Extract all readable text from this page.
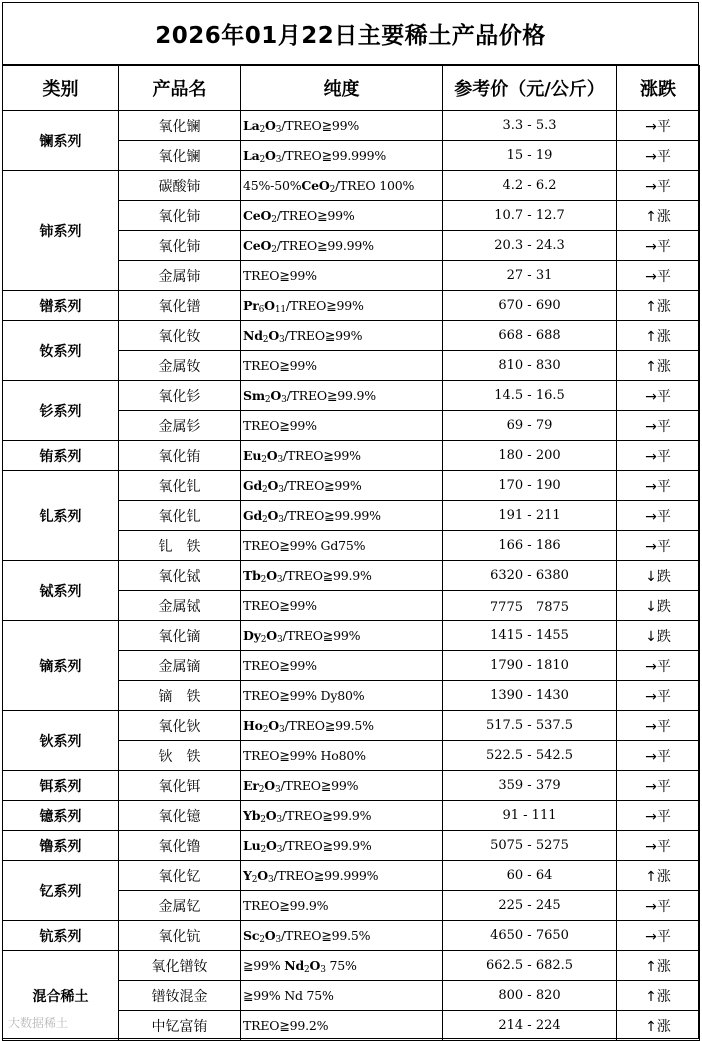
2026年01月22日主要稀土产品价格
类别	产品名	纯度	参考价（元/公斤）	涨跌
镧系列	氧化镧	$La_2O_3/TREO≧99\%$	3.3 - 5.3	→平
	氧化镧	$La_2O_3/TREO≧99.999\%$	15 - 19	→平
铈系列	碳酸铈	45%-50%CeO$_2$/TREO 100%	4.2 - 6.2	→平
	氧化铈	CeO$_2$/TREO≧99%	10.7 - 12.7	↑涨
	氧化铈	CeO$_2$/TREO≧99.99%	20.3 - 24.3	→平
	金属铈	TREO≧99%	27 - 31	→平
镨系列	氧化镨	$Pr_6O_{11}/TREO≧99\%$	670 - 690	↑涨
钕系列	氧化钕	$Nd_2O_3/TREO≧99\%$	668 - 688	↑涨
	金属钕	TREO≧99%	810 - 830	↑涨
钐系列	氧化钐	$Sm_2O_3/TREO≧99.9\%$	14.5 - 16.5	→平
	金属钐	TREO≧99%	69 - 79	→平
铕系列	氧化铕	$Eu_2O_3/TREO≧99\%$	180 - 200	→平
钆系列	氧化钆	$Gd_2O_3/TREO≧99\%$	170 - 190	→平
	氧化钆	$Gd_2O_3/TREO≧99.99\%$	191 - 211	→平
	钆　铁	TREO≧99% Gd75%	166 - 186	→平
铽系列	氧化铽	$Tb_2O_3/TREO≧99.9\%$	6320 - 6380	↓跌
	金属铽	TREO≧99%	7775　7875	↓跌
镝系列	氧化镝	$Dy_2O_3/TREO≧99\%$	1415 - 1455	↓跌
	金属镝	TREO≧99%	1790 - 1810	→平
	镝　铁	TREO≧99% Dy80%	1390 - 1430	→平
钬系列	氧化钬	$Ho_2O_3/TREO≧99.5\%$	517.5 - 537.5	→平
	钬　铁	TREO≧99% Ho80%	522.5 - 542.5	→平
铒系列	氧化铒	$Er_2O_3/TREO≧99\%$	359 - 379	→平
镱系列	氧化镱	$Yb_2O_3/TREO≧99.9\%$	91 - 111	→平
镥系列	氧化镥	$Lu_2O_3/TREO≧99.9\%$	5075 - 5275	→平
钇系列	氧化钇	$Y_2O_3/TREO≧99.999\%$	60 - 64	↑涨
	金属钇	TREO≧99.9%	225 - 245	→平
钪系列	氧化钪	$Sc_2O_3/TREO≧99.5\%$	4650 - 7650	→平
混合稀土	氧化镨钕	≧99% $Nd_2O_3$ 75%	662.5 - 682.5	↑涨
	镨钕混金	≧99% Nd 75%	800 - 820	↑涨
	中钇富铕	TREO≧99.2%	214 - 224	↑涨
大数据稀土
